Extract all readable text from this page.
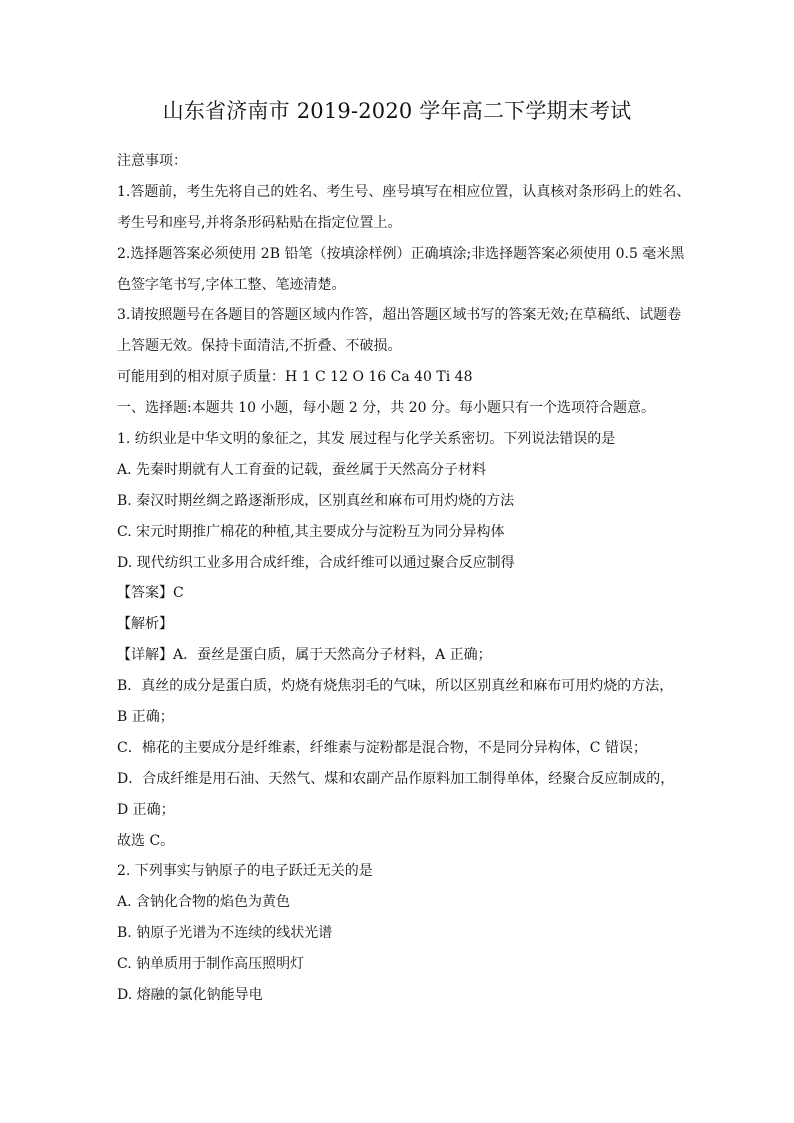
山东省济南市 2019-2020 学年高二下学期末考试
注意事项：
1.答题前，考生先将自己的姓名、考生号、座号填写在相应位置，认真核对条形码上的姓名、
考生号和座号,并将条形码粘贴在指定位置上。
2.选择题答案必须使用 2B 铅笔（按填涂样例）正确填涂;非选择题答案必须使用 0.5 毫米黑
色签字笔书写,字体工整、笔迹清楚。
3.请按照题号在各题目的答题区域内作答，超出答题区域书写的答案无效;在草稿纸、试题卷
上答题无效。保持卡面清洁,不折叠、不破损。
可能用到的相对原子质量：H 1 C 12 O 16 Ca 40 Ti 48
一、选择题:本题共 10 小题，每小题 2 分，共 20 分。每小题只有一个选项符合题意。
1. 纺织业是中华文明的象征之，其发 展过程与化学关系密切。下列说法错误的是
A. 先秦时期就有人工育蚕的记载，蚕丝属于天然高分子材料
B. 秦汉时期丝绸之路逐渐形成，区别真丝和麻布可用灼烧的方法
C. 宋元时期推广棉花的种植,其主要成分与淀粉互为同分异构体
D. 现代纺织工业多用合成纤维，合成纤维可以通过聚合反应制得
【答案】C
【解析】
【详解】A．蚕丝是蛋白质，属于天然高分子材料，A 正确；
B．真丝的成分是蛋白质，灼烧有烧焦羽毛的气味，所以区别真丝和麻布可用灼烧的方法，
B 正确；
C．棉花的主要成分是纤维素，纤维素与淀粉都是混合物，不是同分异构体，C 错误；
D．合成纤维是用石油、天然气、煤和农副产品作原料加工制得单体，经聚合反应制成的，
D 正确；
故选 C。
2. 下列事实与钠原子的电子跃迁无关的是
A. 含钠化合物的焰色为黄色
B. 钠原子光谱为不连续的线状光谱
C. 钠单质用于制作高压照明灯
D. 熔融的氯化钠能导电
